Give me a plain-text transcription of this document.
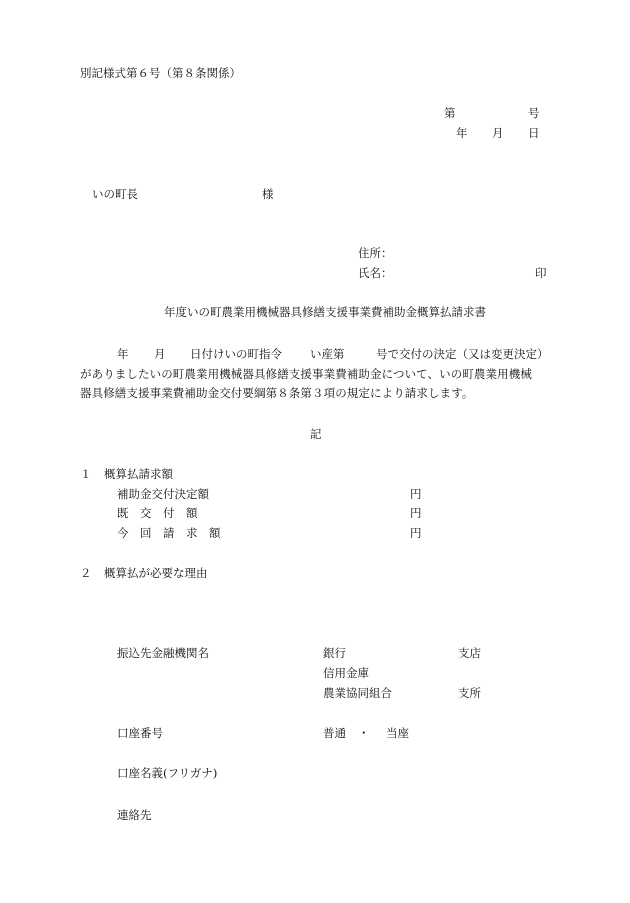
別記様式第６号（第８条関係）
第	号
年 月 日
いの町長	様
住所：
氏名：	印
年度いの町農業用機械器具修繕支援事業費補助金概算払請求書
年 月 日付けいの町指令 い産第	号で交付の決定（又は変更決定）
がありましたいの町農業用機械器具修繕支援事業費補助金について、いの町農業用機械
器具修繕支援事業費補助金交付要綱第８条第３項の規定により請求します。
記
１ 概算払請求額
補助金交付決定額	円
既　交　付　額	円
今　回　請　求　額	円
２ 概算払が必要な理由
振込先金融機関名	銀行	支店
信用金庫
農業協同組合	支所
口座番号	普通 ・ 当座
口座名義(フリガナ)
連絡先
